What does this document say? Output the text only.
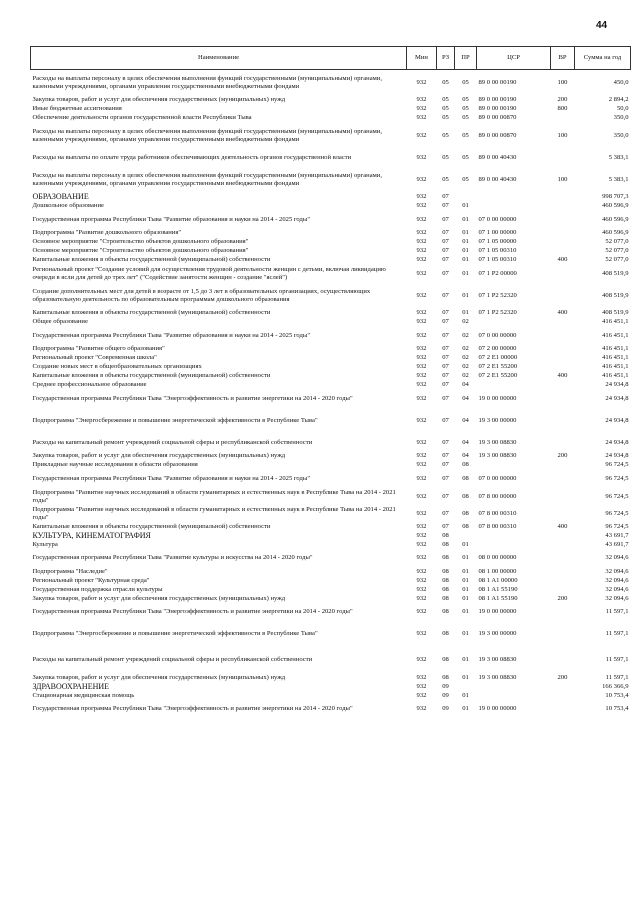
44
Наименование	Мин	РЗ	ПР	ЦСР	ВР	Сумма на год
Расходы на выплаты персоналу в целях обеспечения выполнения функций государственными (муниципальными) органами, казенными учреждениями, органами управления государственными внебюджетными фондами	932	05	05	89 0 00 00190	100	450,0
Закупка товаров, работ и услуг для обеспечения государственных (муниципальных) нужд	932	05	05	89 0 00 00190	200	2 894,2
Иные бюджетные ассигнования	932	05	05	89 0 00 00190	800	50,0
Обеспечение деятельности органов государственной власти Республики Тыва	932	05	05	89 0 00 00870		350,0
Расходы на выплаты персоналу в целях обеспечения выполнения функций государственными (муниципальными) органами, казенными учреждениями, органами управления государственными внебюджетными фондами	932	05	05	89 0 00 00870	100	350,0
Расходы на выплаты по оплате труда работников обеспечивающих деятельность органов государственной власти	932	05	05	89 0 00 40430		5 383,1
Расходы на выплаты персоналу в целях обеспечения выполнения функций государственными (муниципальными) органами, казенными учреждениями, органами управления государственными внебюджетными фондами	932	05	05	89 0 00 40430	100	5 383,1
ОБРАЗОВАНИЕ	932	07				998 707,3
Дошкольное образование	932	07	01			460 596,9
Государственная программа Республики Тыва "Развитие образования и науки на 2014 - 2025 годы"	932	07	01	07 0 00 00000		460 596,9
Подпрограмма "Развитие дошкольного образования"	932	07	01	07 1 00 00000		460 596,9
Основное мероприятие "Строительство объектов дошкольного образования"	932	07	01	07 1 05 00000		52 077,0
Основное мероприятие "Строительство объектов дошкольного образования"	932	07	01	07 1 05 00310		52 077,0
Капитальные вложения в объекты государственной (муниципальной) собственности	932	07	01	07 1 05 00310	400	52 077,0
Региональный проект "Создание условий для осуществления трудовой деятельности женщин с детьми, включая ликвидацию очереди в ясли для детей до трех лет" ("Содействие занятости женщин - создание "яслей")	932	07	01	07 1 P2 00000		408 519,9
Создание дополнительных мест для детей в возрасте от 1,5 до 3 лет в образовательных организациях, осуществляющих образовательную деятельность по образовательным программам дошкольного образования	932	07	01	07 1 P2 52320		408 519,9
Капитальные вложения в объекты государственной (муниципальной) собственности	932	07	01	07 1 P2 52320	400	408 519,9
Общее образование	932	07	02			416 451,1
Государственная программа Республики Тыва "Развитие образования и науки на 2014 - 2025 годы"	932	07	02	07 0 00 00000		416 451,1
Подпрограмма "Развитие общего образования"	932	07	02	07 2 00 00000		416 451,1
Региональный проект "Современная школа"	932	07	02	07 2 E1 00000		416 451,1
Создание новых мест в общеобразовательных организациях	932	07	02	07 2 E1 55200		416 451,1
Капитальные вложения в объекты государственной (муниципальной) собственности	932	07	02	07 2 E1 55200	400	416 451,1
Среднее профессиональное образование	932	07	04			24 934,8
Государственная программа Республики Тыва "Энергоэффективность и развитие энергетики на 2014 - 2020 годы"	932	07	04	19 0 00 00000		24 934,8
Подпрограмма "Энергосбережение и повышение энергетической эффективности в Республике Тыва"	932	07	04	19 3 00 00000		24 934,8
Расходы на капитальный ремонт учреждений социальной сферы и республиканской собственности	932	07	04	19 3 00 08830		24 934,8
Закупка товаров, работ и услуг для обеспечения государственных (муниципальных) нужд	932	07	04	19 3 00 08830	200	24 934,8
Прикладные научные исследования в области образования	932	07	08			96 724,5
Государственная программа Республики Тыва "Развитие образования и науки на 2014 - 2025 годы"	932	07	08	07 0 00 00000		96 724,5
Подпрограмма "Развитие научных исследований в области гуманитарных и естественных наук в Республике Тыва на 2014 - 2021 годы"	932	07	08	07 8 00 00000		96 724,5
Подпрограмма "Развитие научных исследований в области гуманитарных и естественных наук в Республике Тыва на 2014 - 2021 годы"	932	07	08	07 8 00 00310		96 724,5
Капитальные вложения в объекты государственной (муниципальной) собственности	932	07	08	07 8 00 00310	400	96 724,5
КУЛЬТУРА, КИНЕМАТОГРАФИЯ	932	08				43 691,7
Культура	932	08	01			43 691,7
Государственная программа Республики Тыва "Развитие культуры и искусства на 2014 - 2020 годы"	932	08	01	08 0 00 00000		32 094,6
Подпрограмма "Наследие"	932	08	01	08 1 00 00000		32 094,6
Региональный проект "Культурная среда"	932	08	01	08 1 A1 00000		32 094,6
Государственная поддержка отрасли культуры	932	08	01	08 1 A1 55190		32 094,6
Закупка товаров, работ и услуг для обеспечения государственных (муниципальных) нужд	932	08	01	08 1 A1 55190	200	32 094,6
Государственная программа Республики Тыва "Энергоэффективность и развитие энергетики на 2014 - 2020 годы"	932	08	01	19 0 00 00000		11 597,1
Подпрограмма "Энергосбережение и повышение энергетической эффективности в Республике Тыва"	932	08	01	19 3 00 00000		11 597,1
Расходы на капитальный ремонт учреждений социальной сферы и республиканской собственности	932	08	01	19 3 00 08830		11 597,1
Закупка товаров, работ и услуг для обеспечения государственных (муниципальных) нужд	932	08	01	19 3 00 08830	200	11 597,1
ЗДРАВООХРАНЕНИЕ	932	09				166 366,9
Стационарная медицинская помощь	932	09	01			10 753,4
Государственная программа Республики Тыва "Энергоэффективность и развитие энергетики на 2014 - 2020 годы"	932	09	01	19 0 00 00000		10 753,4
